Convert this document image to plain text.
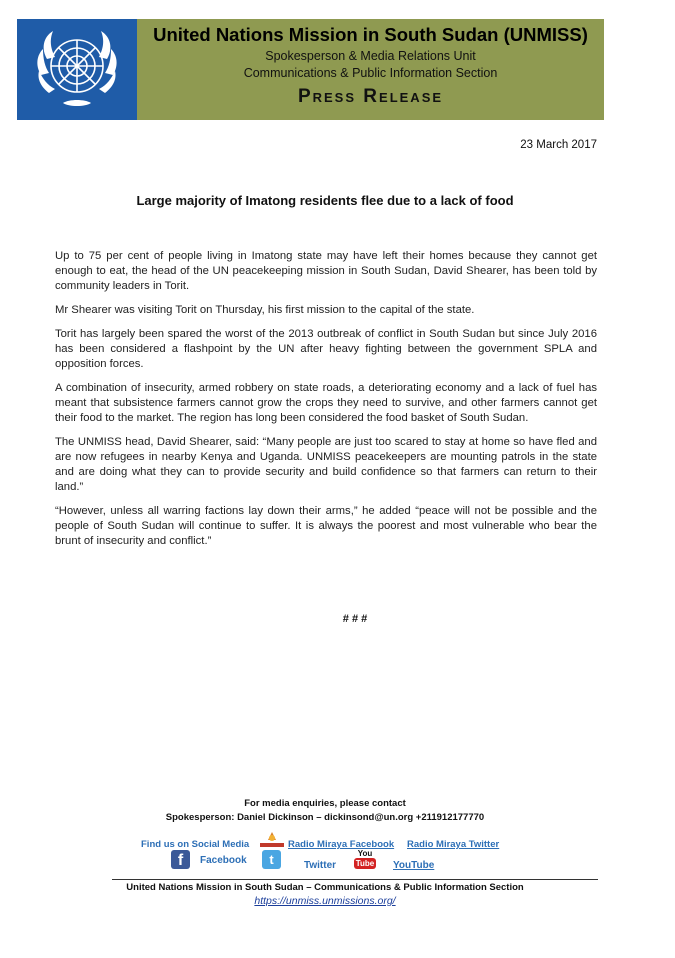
United Nations Mission in South Sudan (UNMISS)
Spokesperson & Media Relations Unit
Communications & Public Information Section
Press Release
23 March 2017
Large majority of Imatong residents flee due to a lack of food

Up to 75 per cent of people living in Imatong state may have left their homes because they cannot get enough to eat, the head of the UN peacekeeping mission in South Sudan, David Shearer, has been told by community leaders in Torit.

Mr Shearer was visiting Torit on Thursday, his first mission to the capital of the state.

Torit has largely been spared the worst of the 2013 outbreak of conflict in South Sudan but since July 2016 has been considered a flashpoint by the UN after heavy fighting between the government SPLA and opposition forces.

A combination of insecurity, armed robbery on state roads, a deteriorating economy and a lack of fuel has meant that subsistence farmers cannot grow the crops they need to survive, and other farmers cannot get their food to the market. The region has long been considered the food basket of South Sudan.

The UNMISS head, David Shearer, said: “Many people are just too scared to stay at home so have fled and are now refugees in nearby Kenya and Uganda. UNMISS peacekeepers are mounting patrols in the state and are doing what they can to provide security and build confidence so that farmers can return to their land.”

“However, unless all warring factions lay down their arms,” he added “peace will not be possible and the people of South Sudan will continue to suffer. It is always the poorest and most vulnerable who bear the brunt of insecurity and conflict.”

# # #
For media enquiries, please contact
Spokesperson: Daniel Dickinson – dickinsond@un.org +211912177770
Find us on Social Media	Radio Miraya Facebook Radio Miraya Twitter
f	Facebook	t	Twitter
You
Tube YouTube
United Nations Mission in South Sudan – Communications & Public Information Section
https://unmiss.unmissions.org/
